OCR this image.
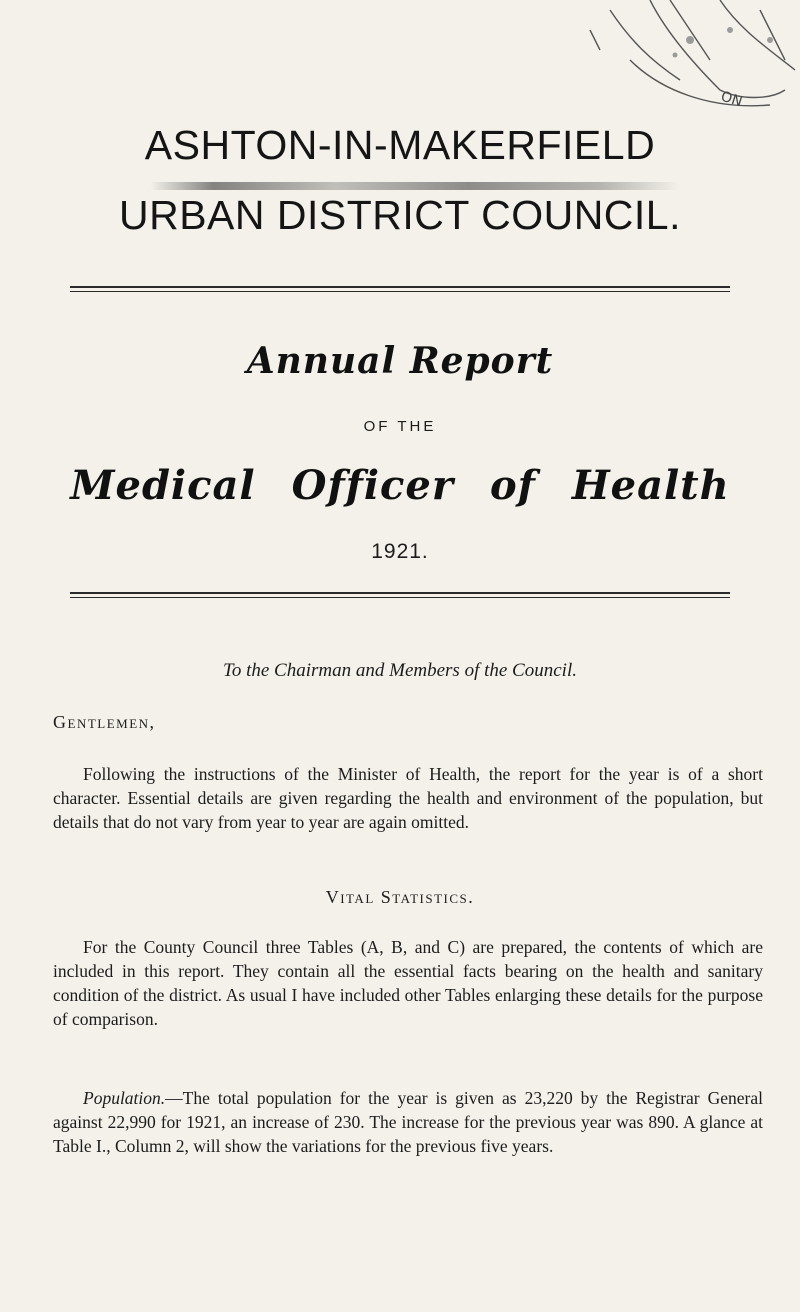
ON
ASHTON-IN-MAKERFIELD
URBAN DISTRICT COUNCIL.
Annual Report
OF THE
Medical Officer of Health
1921.
To the Chairman and Members of the Council.
Gentlemen,
Following the instructions of the Minister of Health, the report for the year is of a short character. Essential details are given regarding the health and environment of the population, but details that do not vary from year to year are again omitted.
Vital Statistics.
For the County Council three Tables (A, B, and C) are prepared, the contents of which are included in this report. They contain all the essential facts bearing on the health and sanitary condition of the district. As usual I have included other Tables enlarging these details for the purpose of comparison.
Population.—The total population for the year is given as 23,220 by the Registrar General against 22,990 for 1921, an increase of 230. The increase for the previous year was 890. A glance at Table I., Column 2, will show the variations for the previous five years.
